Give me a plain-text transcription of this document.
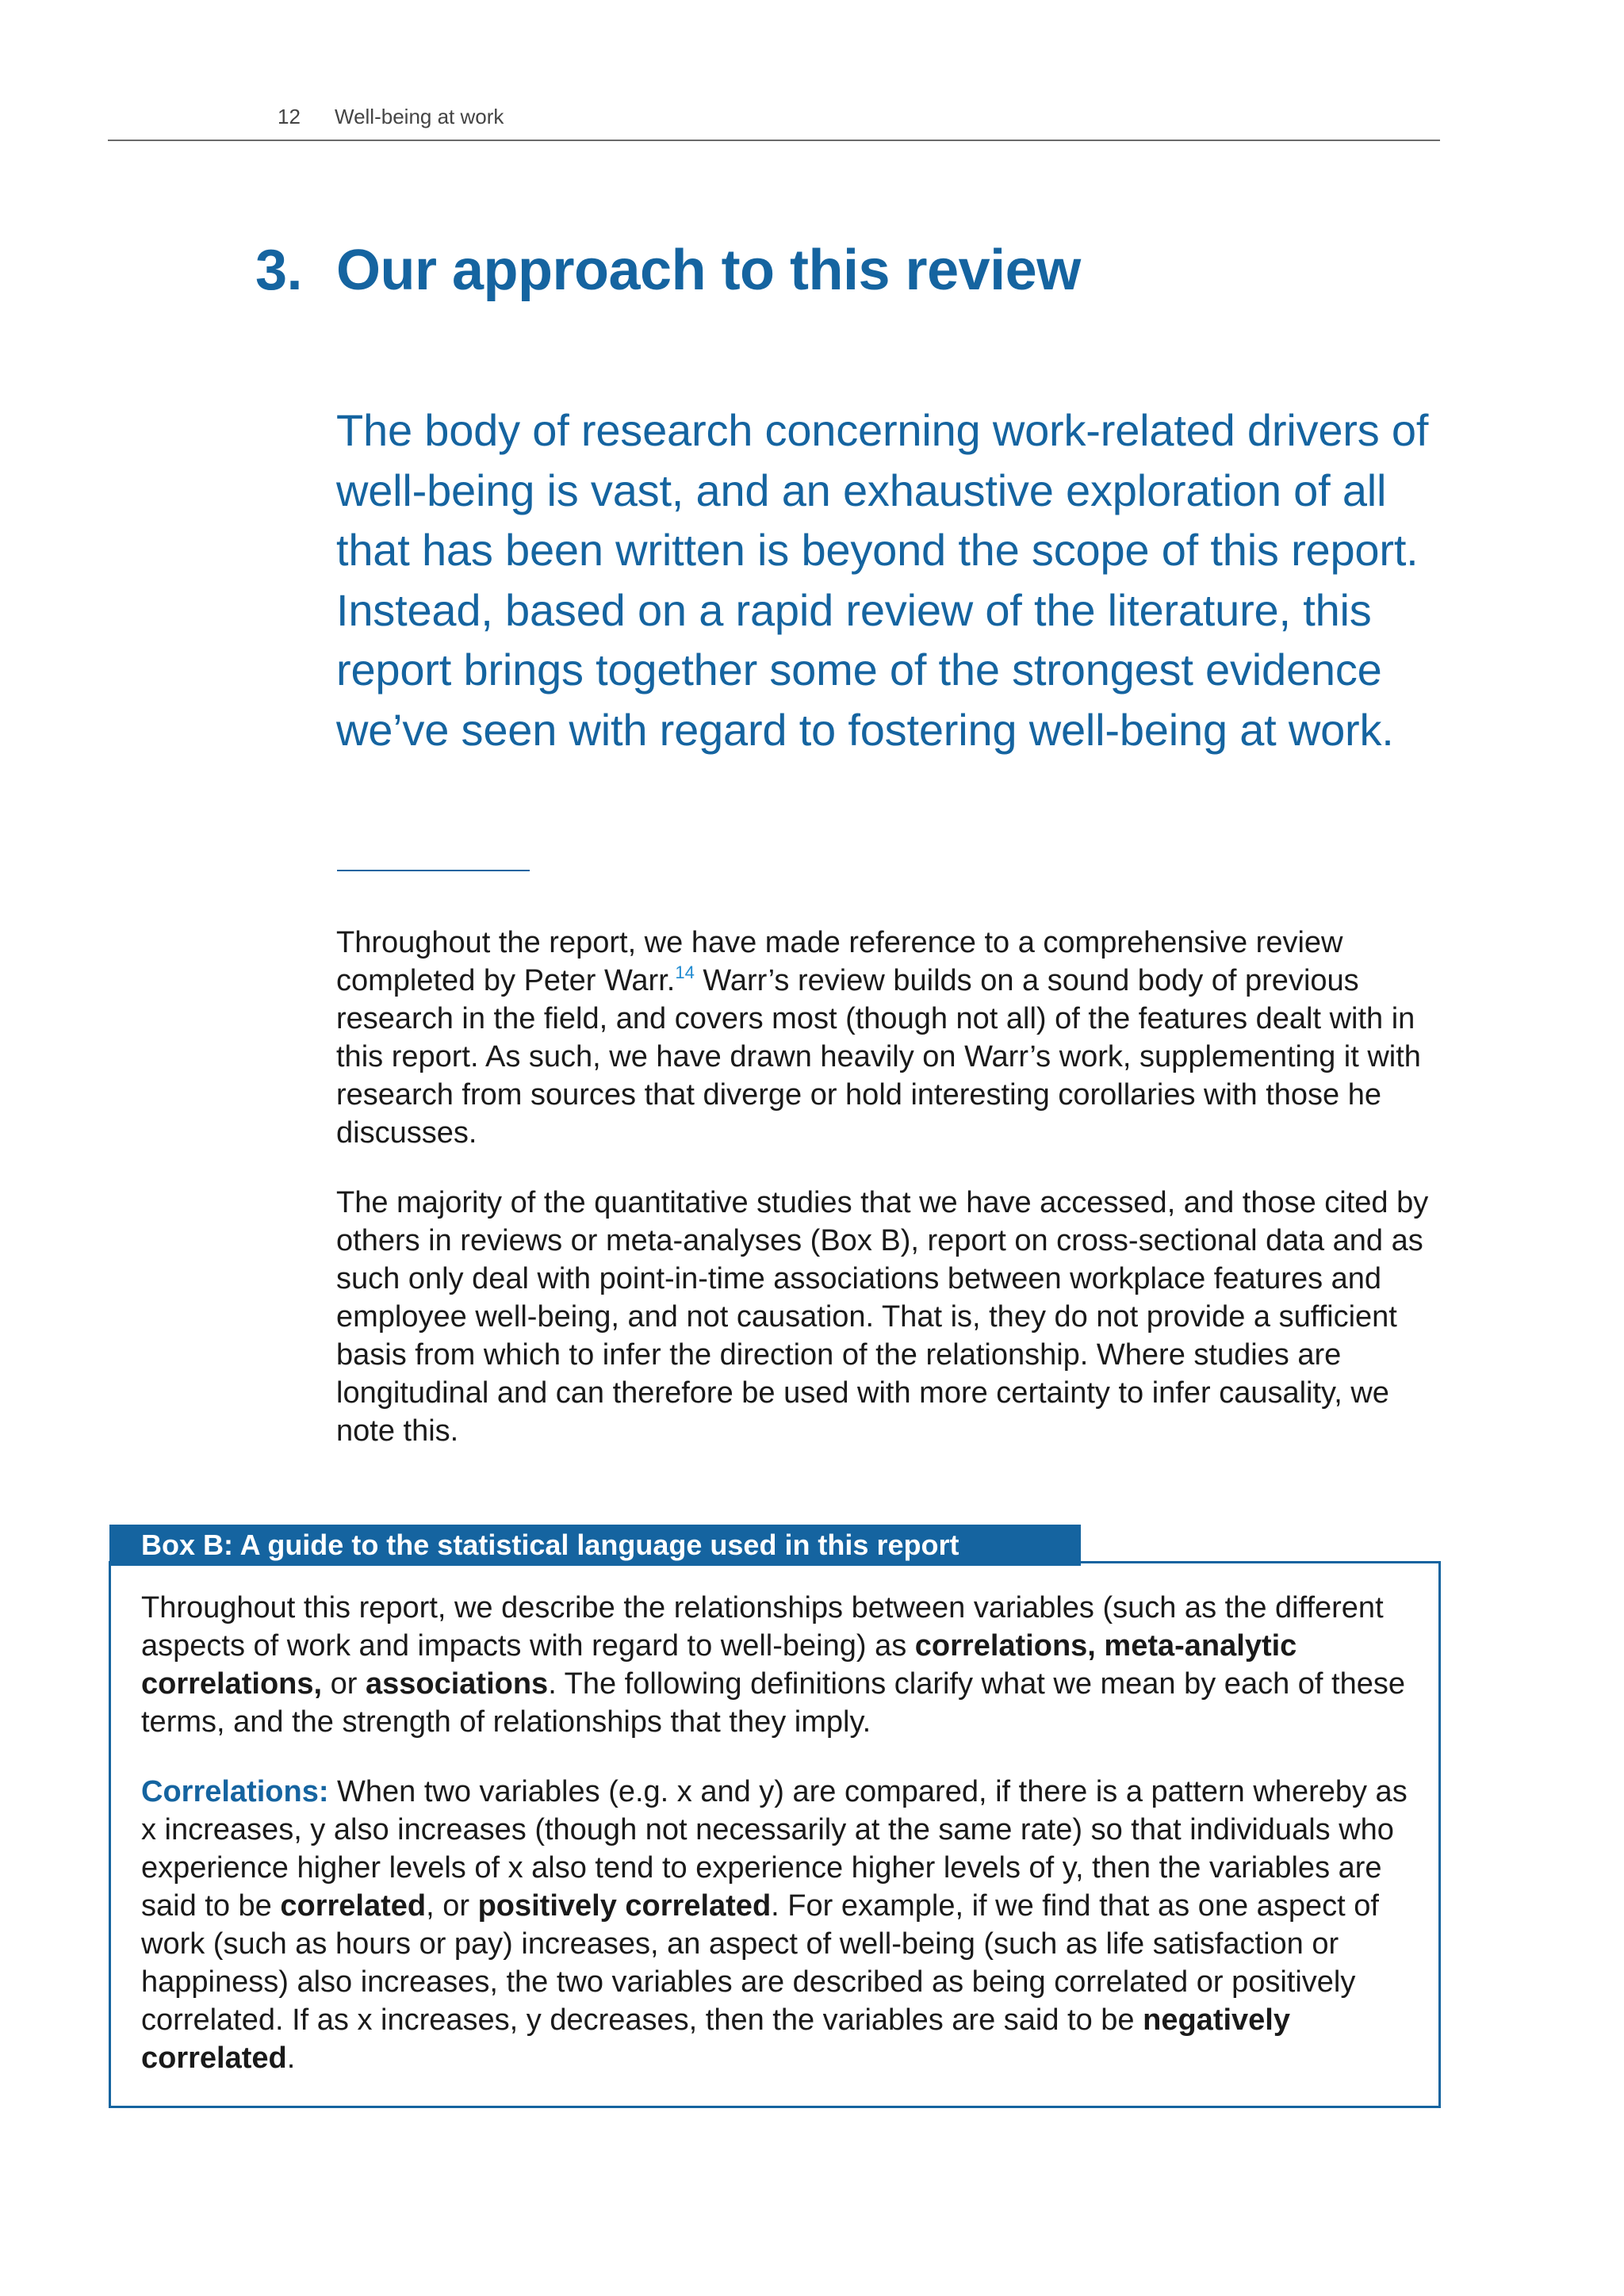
12 Well-being at work
3. Our approach to this review

The body of research concerning work-related drivers of well-being is vast, and an exhaustive exploration of all that has been written is beyond the scope of this report. Instead, based on a rapid review of the literature, this report brings together some of the strongest evidence we’ve seen with regard to fostering well-being at work.

Throughout the report, we have made reference to a comprehensive review completed by Peter Warr.$^{14}$ Warr’s review builds on a sound body of previous research in the field, and covers most (though not all) of the features dealt with in this report. As such, we have drawn heavily on Warr’s work, supplementing it with research from sources that diverge or hold interesting corollaries with those he discusses.

The majority of the quantitative studies that we have accessed, and those cited by others in reviews or meta-analyses (Box B), report on cross-sectional data and as such only deal with point-in-time associations between workplace features and employee well-being, and not causation. That is, they do not provide a sufficient basis from which to infer the direction of the relationship. Where studies are longitudinal and can therefore be used with more certainty to infer causality, we note this.

Box B: A guide to the statistical language used in this report

Throughout this report, we describe the relationships between variables (such as the different aspects of work and impacts with regard to well-being) as correlations, meta-analytic correlations, or associations. The following definitions clarify what we mean by each of these terms, and the strength of relationships that they imply.

Correlations: When two variables (e.g. x and y) are compared, if there is a pattern whereby as x increases, y also increases (though not necessarily at the same rate) so that individuals who experience higher levels of x also tend to experience higher levels of y, then the variables are said to be correlated, or positively correlated. For example, if we find that as one aspect of work (such as hours or pay) increases, an aspect of well-being (such as life satisfaction or happiness) also increases, the two variables are described as being correlated or positively correlated. If as x increases, y decreases, then the variables are said to be negatively correlated.
